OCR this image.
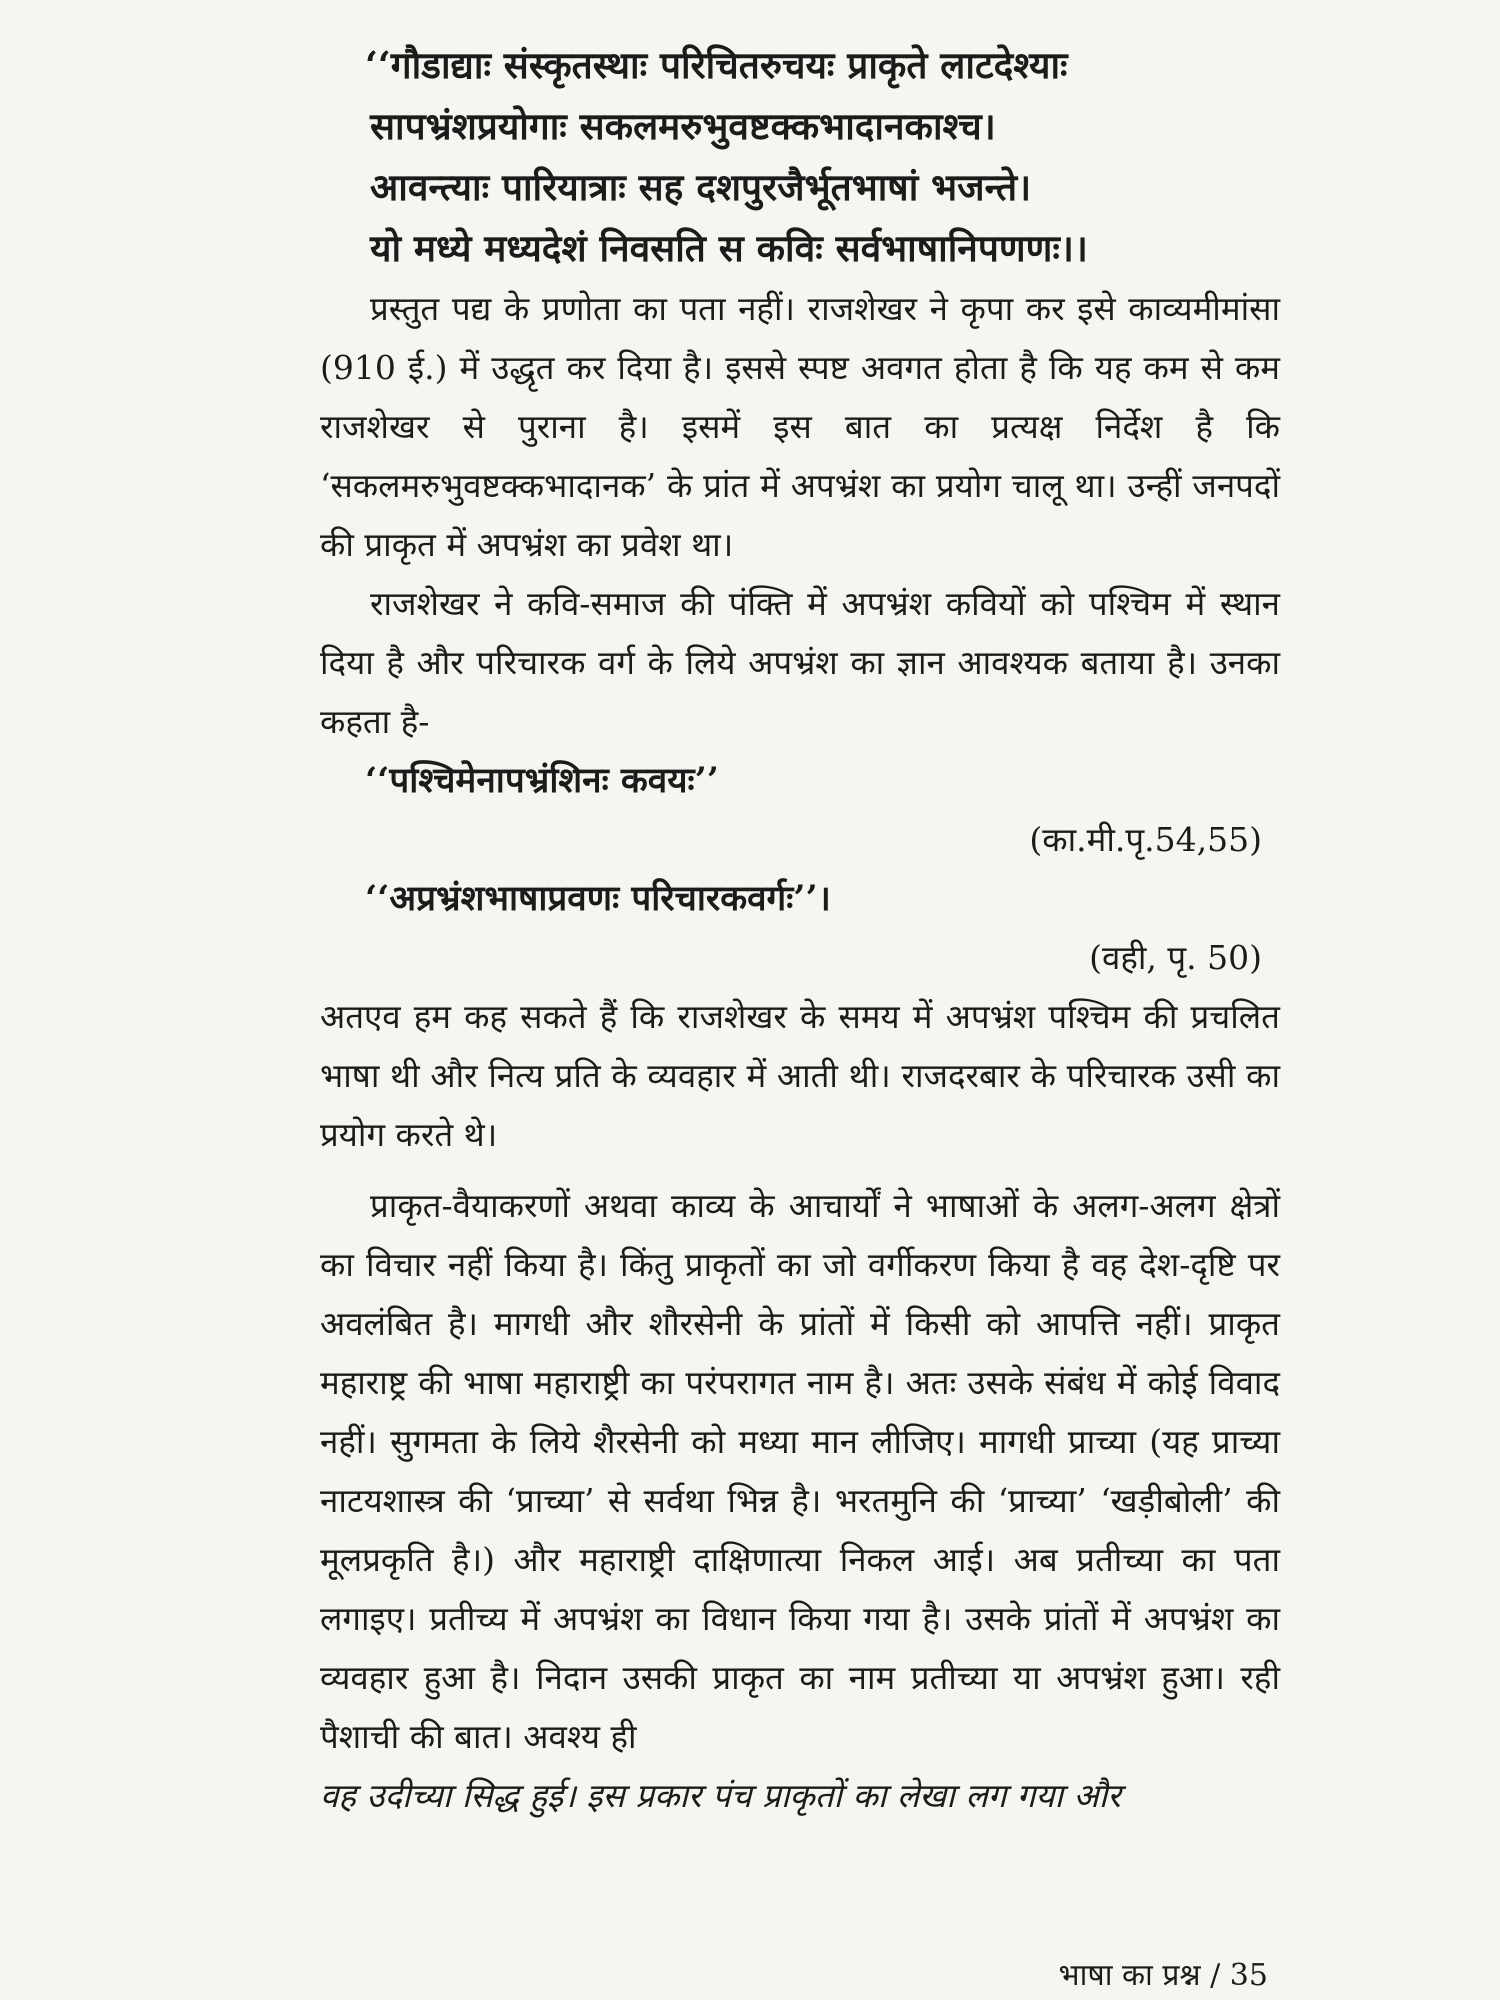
‘‘गौडाद्याः संस्कृतस्थाः परिचितरुचयः प्राकृते लाटदेश्याः
सापभ्रंशप्रयोगाः सकलमरुभुवष्टक्कभादानकाश्च।
आवन्त्याः पारियात्राः सह दशपुरजैर्भूतभाषां भजन्ते।
यो मध्ये मध्यदेशं निवसति स कविः सर्वभाषानिपणणः।।

प्रस्तुत पद्य के प्रणोता का पता नहीं। राजशेखर ने कृपा कर इसे काव्यमीमांसा (910 ई.) में उद्धृत कर दिया है। इससे स्पष्ट अवगत होता है कि यह कम से कम राजशेखर से पुराना है। इसमें इस बात का प्रत्यक्ष निर्देश है कि ‘सकलमरुभुवष्टक्कभादानक’ के प्रांत में अपभ्रंश का प्रयोग चालू था। उन्हीं जनपदों की प्राकृत में अपभ्रंश का प्रवेश था।

राजशेखर ने कवि-समाज की पंक्ति में अपभ्रंश कवियों को पश्चिम में स्थान दिया है और परिचारक वर्ग के लिये अपभ्रंश का ज्ञान आवश्यक बताया है। उनका कहता है-

‘‘पश्चिमेनापभ्रंशिनः कवयः’’
(का.मी.पृ.54,55)
‘‘अप्रभ्रंशभाषाप्रवणः परिचारकवर्गः’’।
(वही, पृ. 50)

अतएव हम कह सकते हैं कि राजशेखर के समय में अपभ्रंश पश्चिम की प्रचलित भाषा थी और नित्य प्रति के व्यवहार में आती थी। राजदरबार के परिचारक उसी का प्रयोग करते थे।

प्राकृत-वैयाकरणों अथवा काव्य के आचार्यों ने भाषाओं के अलग-अलग क्षेत्रों का विचार नहीं किया है। किंतु प्राकृतों का जो वर्गीकरण किया है वह देश-दृष्टि पर अवलंबित है। मागधी और शौरसेनी के प्रांतों में किसी को आपत्ति नहीं। प्राकृत महाराष्ट्र की भाषा महाराष्ट्री का परंपरागत नाम है। अतः उसके संबंध में कोई विवाद नहीं। सुगमता के लिये शैरसेनी को मध्या मान लीजिए। मागधी प्राच्या (यह प्राच्या नाटयशास्त्र की ‘प्राच्या’ से सर्वथा भिन्न है। भरतमुनि की ‘प्राच्या’ ‘खड़ीबोली’ की मूलप्रकृति है।) और महाराष्ट्री दाक्षिणात्या निकल आई। अब प्रतीच्या का पता लगाइए। प्रतीच्य में अपभ्रंश का विधान किया गया है। उसके प्रांतों में अपभ्रंश का व्यवहार हुआ है। निदान उसकी प्राकृत का नाम प्रतीच्या या अपभ्रंश हुआ। रही पैशाची की बात। अवश्य ही

वह उदीच्या सिद्ध हुई। इस प्रकार पंच प्राकृतों का लेखा लग गया और

भाषा का प्रश्न / 35
